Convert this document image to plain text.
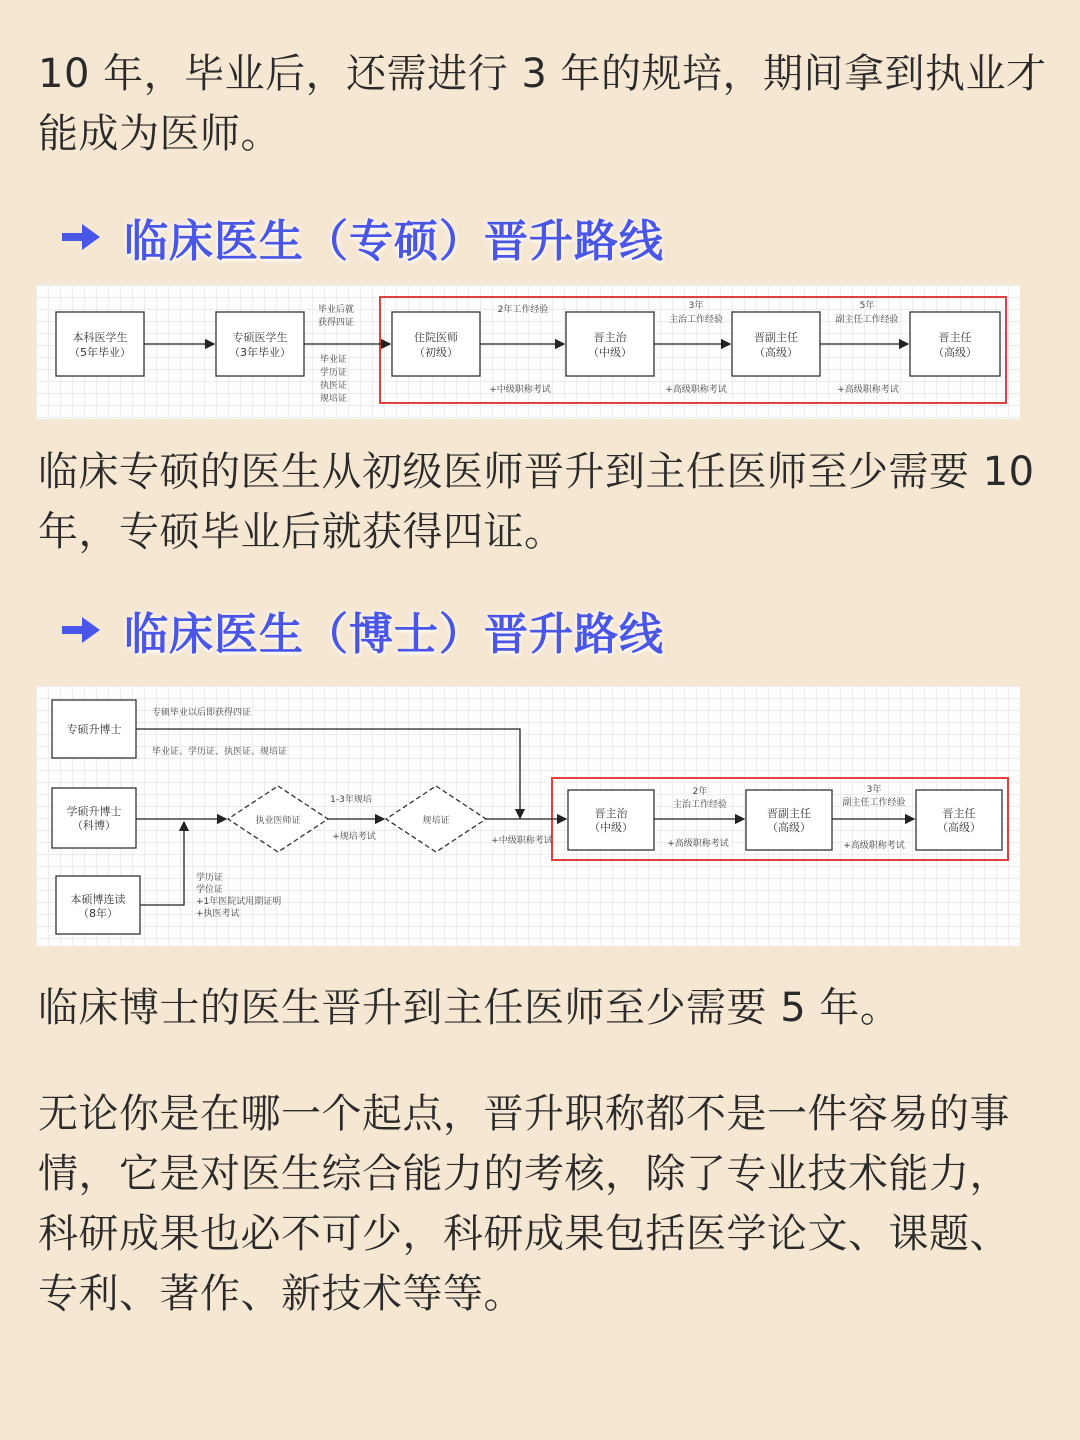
10 年，毕业后，还需进行 3 年的规培，期间拿到执业才能成为医师。

临床医生（专硕）晋升路线
本科医学生
（5年毕业）
专硕医学生
（3年毕业）
住院医师
（初级）
晋主治
（中级）
晋副主任
（高级）
晋主任
（高级）
毕业后就
获得四证
毕业证
学历证
执医证
规培证
2年工作经验	3年
主治工作经验
5年
副主任工作经验
+中级职称考试	+高级职称考试	+高级职称考试

临床专硕的医生从初级医师晋升到主任医师至少需要 10 年，专硕毕业后就获得四证。

临床医生（博士）晋升路线
专硕升博士
学硕升博士
（科博）
本硕博连读
（8年）
执业医师证	规培证
晋主治
（中级）
晋副主任
（高级）
晋主任
（高级）
专硕毕业以后即获得四证
毕业证、学历证、执医证、规培证
1-3年规培
+规培考试	+中级职称考试
学历证
学位证
+1年医院试用期证明
+执医考试
2年
主治工作经验
3年
副主任工作经验
+高级职称考试	+高级职称考试

临床博士的医生晋升到主任医师至少需要 5 年。

无论你是在哪一个起点，晋升职称都不是一件容易的事情，它是对医生综合能力的考核，除了专业技术能力，科研成果也必不可少，科研成果包括医学论文、课题、专利、著作、新技术等等。
